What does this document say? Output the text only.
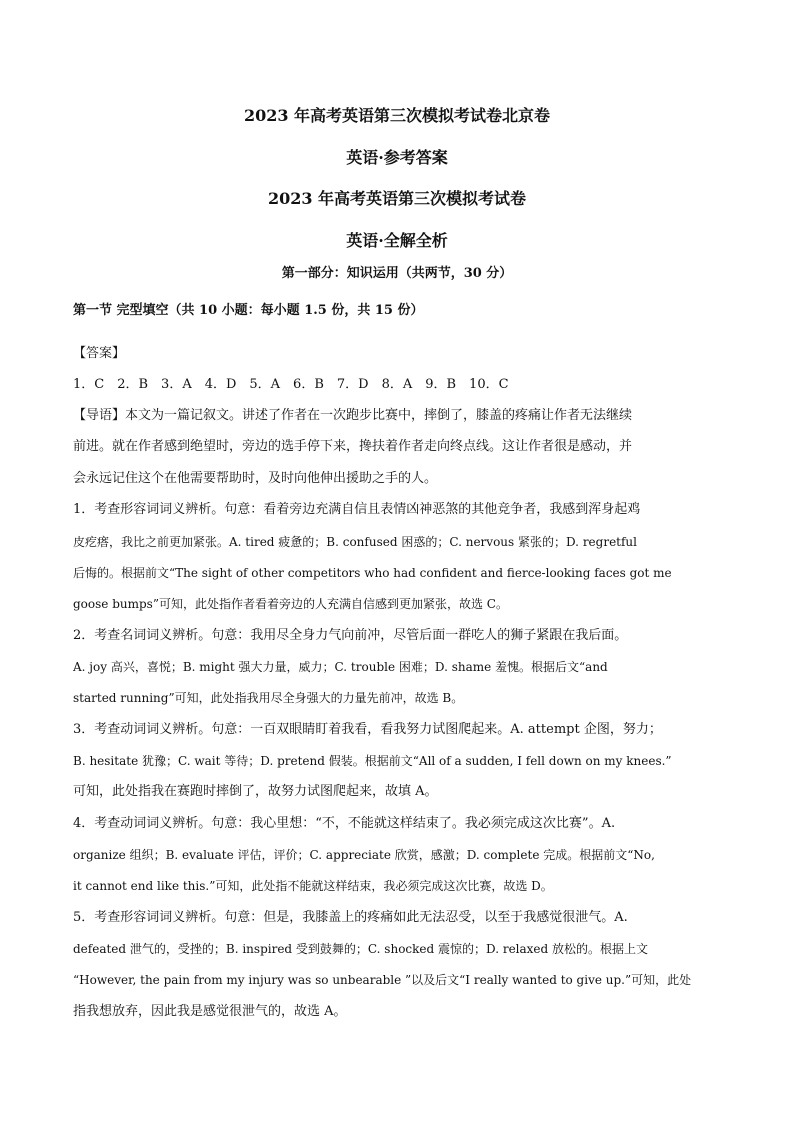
2023 年高考英语第三次模拟考试卷北京卷
英语·参考答案
2023 年高考英语第三次模拟考试卷
英语·全解全析
第一部分：知识运用（共两节，30 分）
第一节 完型填空（共 10 小题：每小题 1.5 份，共 15 份）
【答案】
1．C　2．B　3．A　4．D　5．A　6．B　7．D　8．A　9．B　10．C
【导语】本文为一篇记叙文。讲述了作者在一次跑步比赛中，摔倒了，膝盖的疼痛让作者无法继续
前进。就在作者感到绝望时，旁边的选手停下来，搀扶着作者走向终点线。这让作者很是感动，并
会永远记住这个在他需要帮助时，及时向他伸出援助之手的人。
1．考查形容词词义辨析。句意：看着旁边充满自信且表情凶神恶煞的其他竞争者，我感到浑身起鸡
皮疙瘩，我比之前更加紧张。A. tired 疲惫的；B. confused 困惑的；C. nervous 紧张的；D. regretful
后悔的。根据前文“The sight of other competitors who had confident and fierce-looking faces got me
goose bumps”可知，此处指作者看着旁边的人充满自信感到更加紧张，故选 C。
2．考查名词词义辨析。句意：我用尽全身力气向前冲，尽管后面一群吃人的狮子紧跟在我后面。
A. joy 高兴，喜悦；B. might 强大力量，威力；C. trouble 困难；D. shame 羞愧。根据后文“and
started running”可知，此处指我用尽全身强大的力量先前冲，故选 B。
3．考查动词词义辨析。句意：一百双眼睛盯着我看，看我努力试图爬起来。A. attempt 企图，努力；
B. hesitate 犹豫；C. wait 等待；D. pretend 假装。根据前文“All of a sudden, I fell down on my knees.”
可知，此处指我在赛跑时摔倒了，故努力试图爬起来，故填 A。
4．考查动词词义辨析。句意：我心里想：“不，不能就这样结束了。我必须完成这次比赛”。A.
organize 组织；B. evaluate 评估，评价；C. appreciate 欣赏，感激；D. complete 完成。根据前文“No,
it cannot end like this.”可知，此处指不能就这样结束，我必须完成这次比赛，故选 D。
5．考查形容词词义辨析。句意：但是，我膝盖上的疼痛如此无法忍受，以至于我感觉很泄气。A.
defeated 泄气的，受挫的；B. inspired 受到鼓舞的；C. shocked 震惊的；D. relaxed 放松的。根据上文
“However, the pain from my injury was so unbearable ”以及后文“I really wanted to give up.”可知，此处
指我想放弃，因此我是感觉很泄气的，故选 A。
